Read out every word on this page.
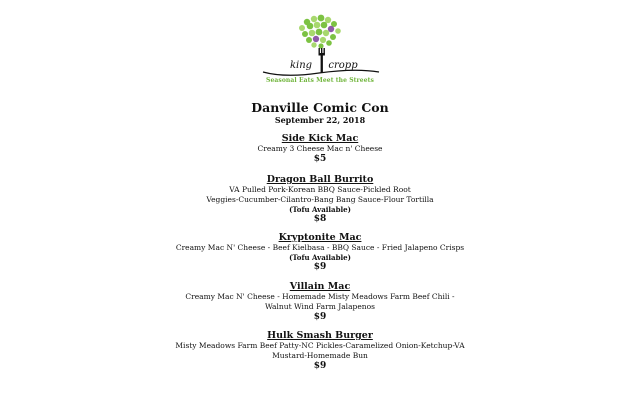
king cropp
Seasonal Eats Meet the Streets
Danville Comic Con
September 22, 2018
Side Kick Mac
Creamy 3 Cheese Mac n' Cheese
$5
Dragon Ball Burrito
VA Pulled Pork-Korean BBQ Sauce-Pickled Root
Veggies-Cucumber-Cilantro-Bang Bang Sauce-Flour Tortilla
(Tofu Available)
$8
Kryptonite Mac
Creamy Mac N' Cheese - Beef Kielbasa - BBQ Sauce - Fried Jalapeno Crisps
(Tofu Available)
$9
Villain Mac
Creamy Mac N' Cheese - Homemade Misty Meadows Farm Beef Chili -
Walnut Wind Farm Jalapenos
$9
Hulk Smash Burger
Misty Meadows Farm Beef Patty-NC Pickles-Caramelized Onion-Ketchup-VA
Mustard-Homemade Bun
$9
